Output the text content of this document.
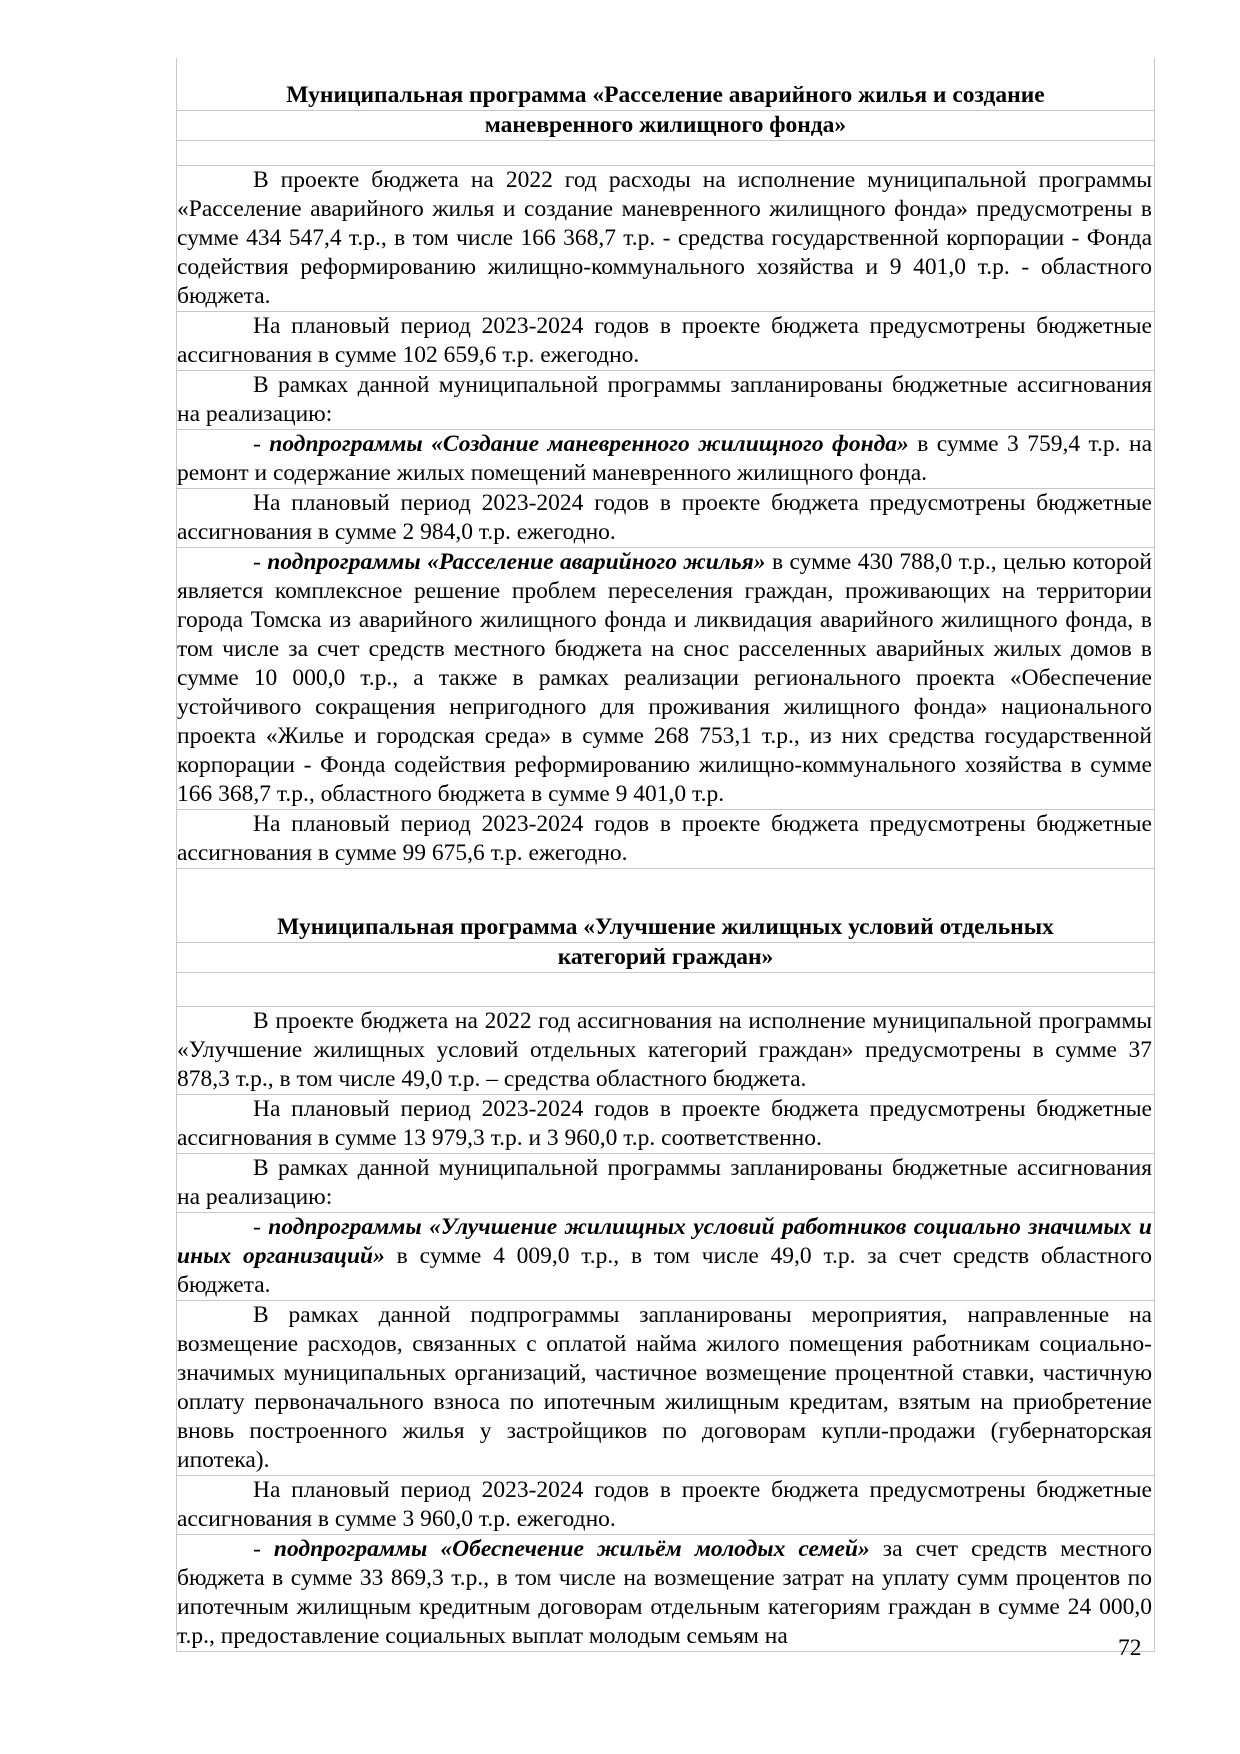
Муниципальная программа «Расселение аварийного жилья и создание
маневренного жилищного фонда»

В проекте бюджета на 2022 год расходы на исполнение муниципальной программы «Расселение аварийного жилья и создание маневренного жилищного фонда» предусмотрены в сумме 434 547,4 т.р., в том числе 166 368,7 т.р. - средства государственной корпорации - Фонда содействия реформированию жилищно-коммунального хозяйства и 9 401,0 т.р. - областного бюджета.

На плановый период 2023-2024 годов в проекте бюджета предусмотрены бюджетные ассигнования в сумме 102 659,6 т.р. ежегодно.

В рамках данной муниципальной программы запланированы бюджетные ассигнования на реализацию:

- подпрограммы «Создание маневренного жилищного фонда» в сумме 3 759,4 т.р. на ремонт и содержание жилых помещений маневренного жилищного фонда.

На плановый период 2023-2024 годов в проекте бюджета предусмотрены бюджетные ассигнования в сумме 2 984,0 т.р. ежегодно.

- подпрограммы «Расселение аварийного жилья» в сумме 430 788,0 т.р., целью которой является комплексное решение проблем переселения граждан, проживающих на территории города Томска из аварийного жилищного фонда и ликвидация аварийного жилищного фонда, в том числе за счет средств местного бюджета на снос расселенных аварийных жилых домов в сумме 10 000,0 т.р., а также в рамках реализации регионального проекта «Обеспечение устойчивого сокращения непригодного для проживания жилищного фонда» национального проекта «Жилье и городская среда» в сумме 268 753,1 т.р., из них средства государственной корпорации - Фонда содействия реформированию жилищно-коммунального хозяйства в сумме 166 368,7 т.р., областного бюджета в сумме 9 401,0 т.р.

На плановый период 2023-2024 годов в проекте бюджета предусмотрены бюджетные ассигнования в сумме 99 675,6 т.р. ежегодно.

Муниципальная программа «Улучшение жилищных условий отдельных
категорий граждан»

В проекте бюджета на 2022 год ассигнования на исполнение муниципальной программы «Улучшение жилищных условий отдельных категорий граждан» предусмотрены в сумме 37 878,3 т.р., в том числе 49,0 т.р. – средства областного бюджета.

На плановый период 2023-2024 годов в проекте бюджета предусмотрены бюджетные ассигнования в сумме 13 979,3 т.р. и 3 960,0 т.р. соответственно.

В рамках данной муниципальной программы запланированы бюджетные ассигнования на реализацию:

- подпрограммы «Улучшение жилищных условий работников социально значимых и иных организаций» в сумме 4 009,0 т.р., в том числе 49,0 т.р. за счет средств областного бюджета.

В рамках данной подпрограммы запланированы мероприятия, направленные на возмещение расходов, связанных с оплатой найма жилого помещения работникам социально-значимых муниципальных организаций, частичное возмещение процентной ставки, частичную оплату первоначального взноса по ипотечным жилищным кредитам, взятым на приобретение вновь построенного жилья у застройщиков по договорам купли-продажи (губернаторская ипотека).

На плановый период 2023-2024 годов в проекте бюджета предусмотрены бюджетные ассигнования в сумме 3 960,0 т.р. ежегодно.

- подпрограммы «Обеспечение жильём молодых семей» за счет средств местного бюджета в сумме 33 869,3 т.р., в том числе на возмещение затрат на уплату сумм процентов по ипотечным жилищным кредитным договорам отдельным категориям граждан в сумме 24 000,0 т.р., предоставление социальных выплат молодым семьям на	72
